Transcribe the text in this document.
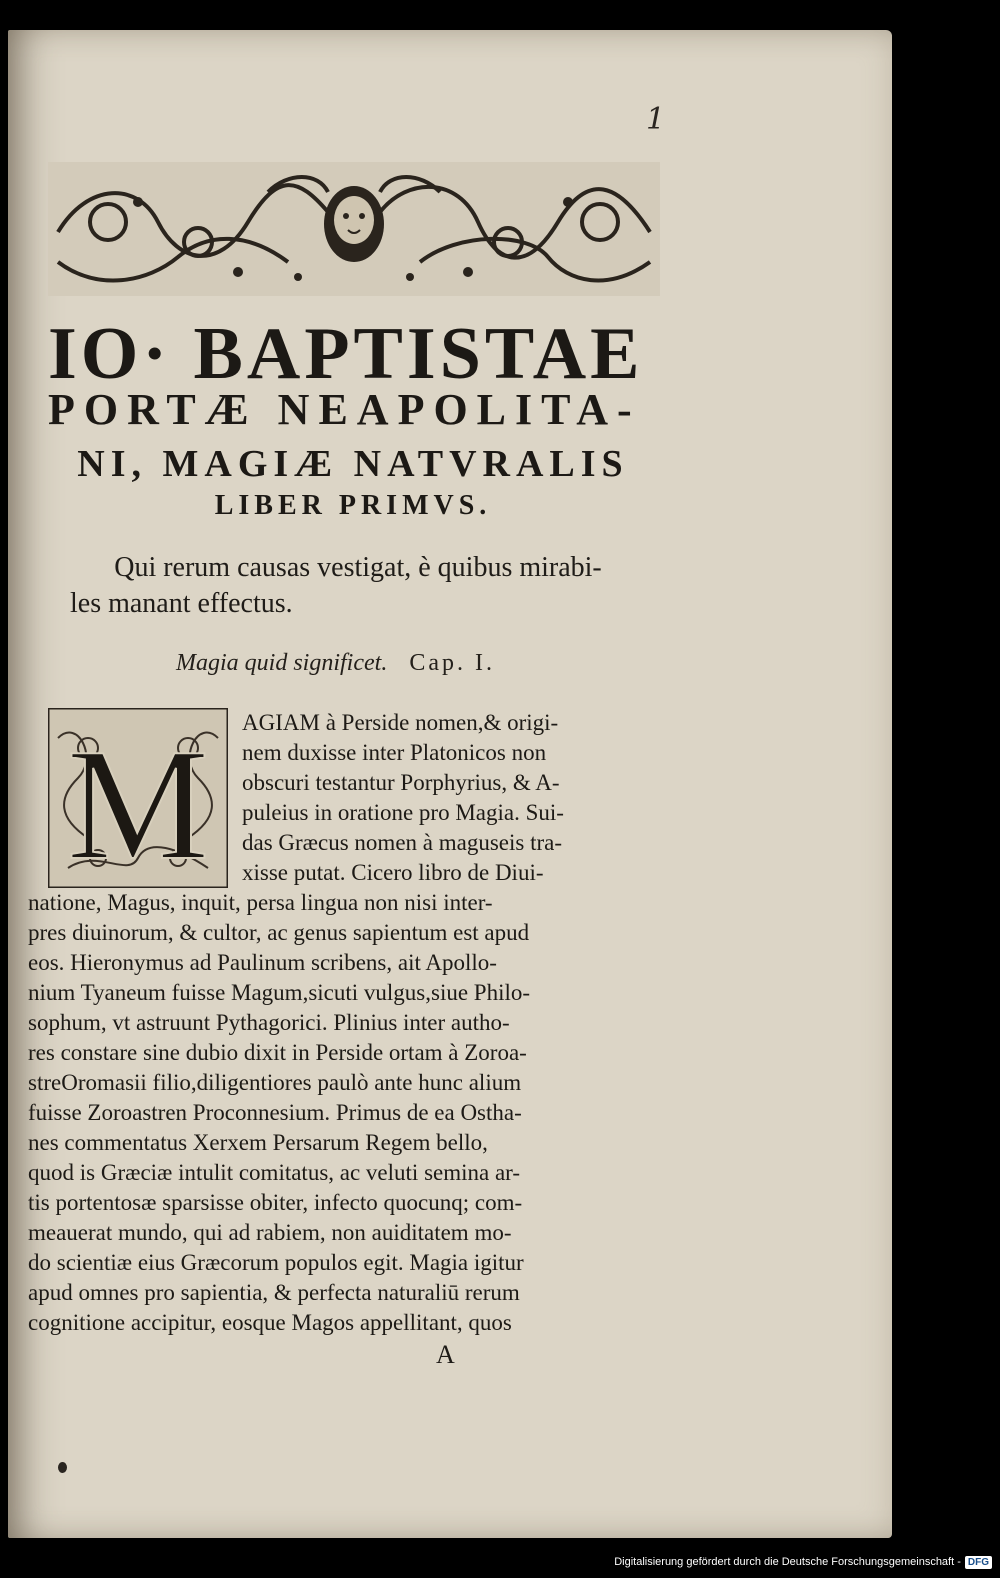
1

IO· BAPTISTAE
PORTÆ NEAPOLITA-
NI, MAGIÆ NATVRALIS
LIBER PRIMVS.

Qui rerum causas vestigat, è quibus mirabi-
les manant effectus.

Magia quid significet. Cap. I.

M AGIAM à Perside nomen,& origi-

nem duxisse inter Platonicos non

obscuri testantur Porphyrius, & A-

puleius in oratione pro Magia. Sui-

das Græcus nomen à maguseis tra-

xisse putat. Cicero libro de Diui-

natione, Magus, inquit, persa lingua non nisi inter-

pres diuinorum, & cultor, ac genus sapientum est apud

eos. Hieronymus ad Paulinum scribens, ait Apollo-

nium Tyaneum fuisse Magum,sicuti vulgus,siue Philo-

sophum, vt astruunt Pythagorici. Plinius inter autho-

res constare sine dubio dixit in Perside ortam à Zoroa-

streOromasii filio,diligentiores paulò ante hunc alium

fuisse Zoroastren Proconnesium. Primus de ea Ostha-

nes commentatus Xerxem Persarum Regem bello,

quod is Græciæ intulit comitatus, ac veluti semina ar-

tis portentosæ sparsisse obiter, infecto quocunq; com-

meauerat mundo, qui ad rabiem, non auiditatem mo-

do scientiæ eius Græcorum populos egit. Magia igitur

apud omnes pro sapientia, & perfecta naturaliū rerum

cognitione accipitur, eosque Magos appellitant, quos

A

Digitalisierung gefördert durch die Deutsche Forschungsgemeinschaft - DFG
